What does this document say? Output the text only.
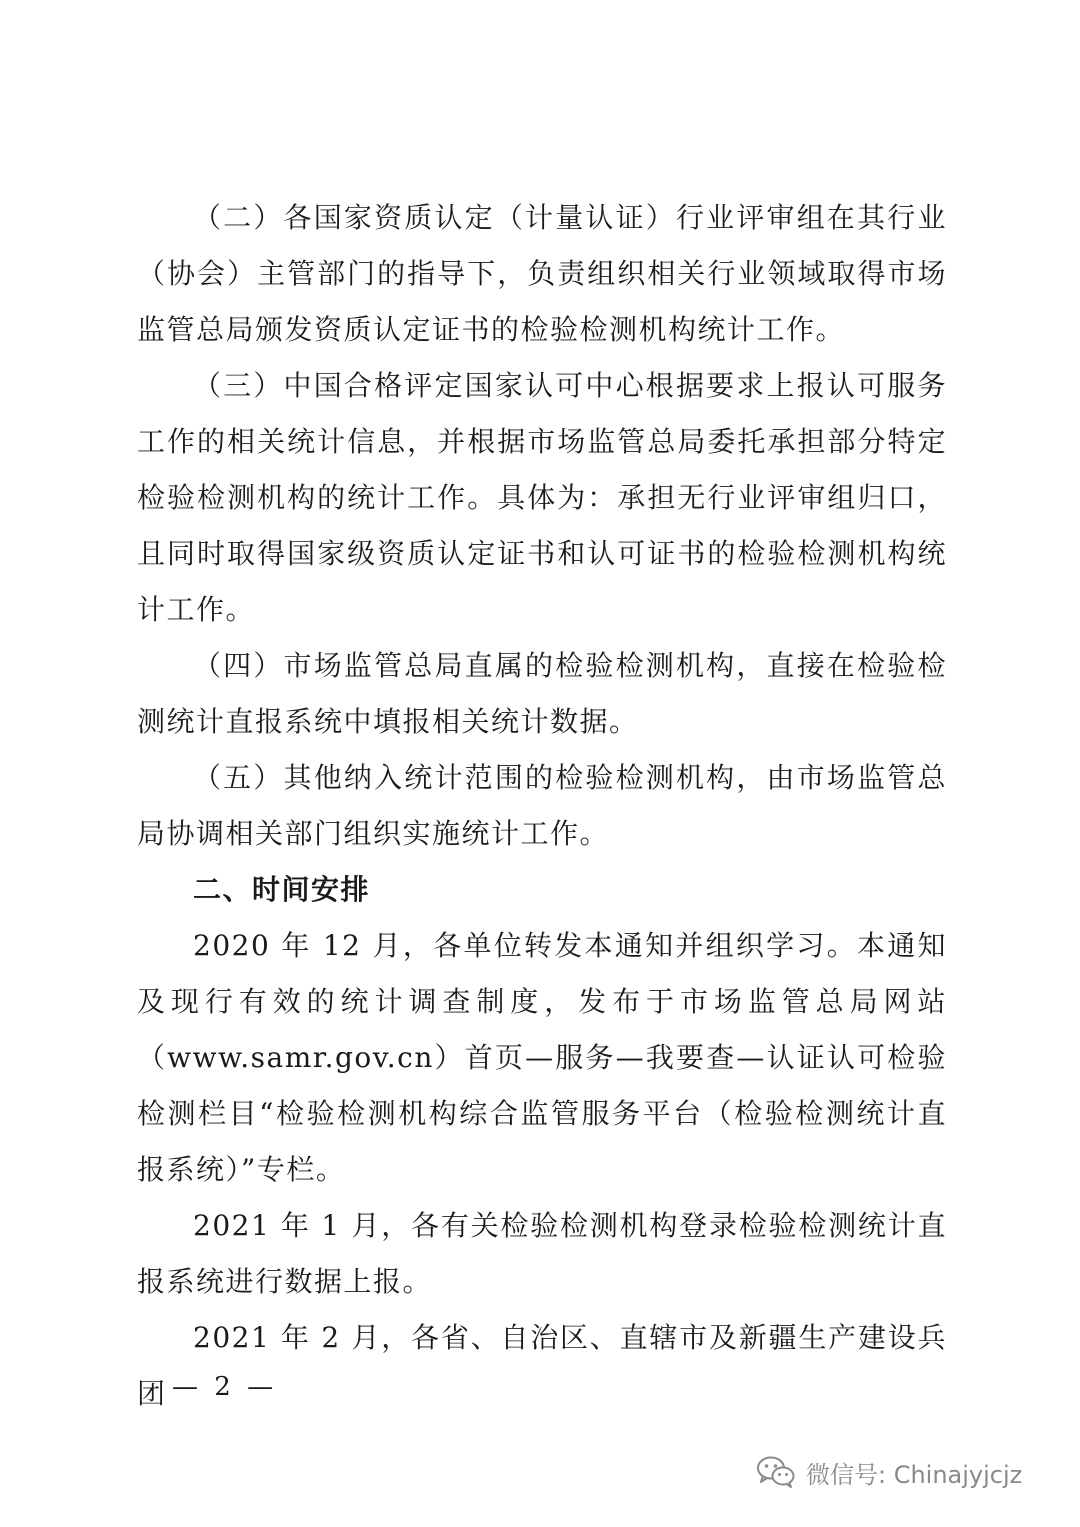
（二）各国家资质认定（计量认证）行业评审组在其行业（协会）主管部门的指导下，负责组织相关行业领域取得市场监管总局颁发资质认定证书的检验检测机构统计工作。

（三）中国合格评定国家认可中心根据要求上报认可服务工作的相关统计信息，并根据市场监管总局委托承担部分特定检验检测机构的统计工作。具体为：承担无行业评审组归口，且同时取得国家级资质认定证书和认可证书的检验检测机构统计工作。

（四）市场监管总局直属的检验检测机构，直接在检验检测统计直报系统中填报相关统计数据。

（五）其他纳入统计范围的检验检测机构，由市场监管总局协调相关部门组织实施统计工作。

二、时间安排

2020 年 12 月，各单位转发本通知并组织学习。本通知及现行有效的统计调查制度，发布于市场监管总局网站（www.samr.gov.cn）首页—服务—我要查—认证认可检验检测栏目“检验检测机构综合监管服务平台（检验检测统计直报系统）”专栏。

2021 年 1 月，各有关检验检测机构登录检验检测统计直报系统进行数据上报。

2021 年 2 月，各省、自治区、直辖市及新疆生产建设兵团 — 2 —
微信号: Chinajyjcjz
